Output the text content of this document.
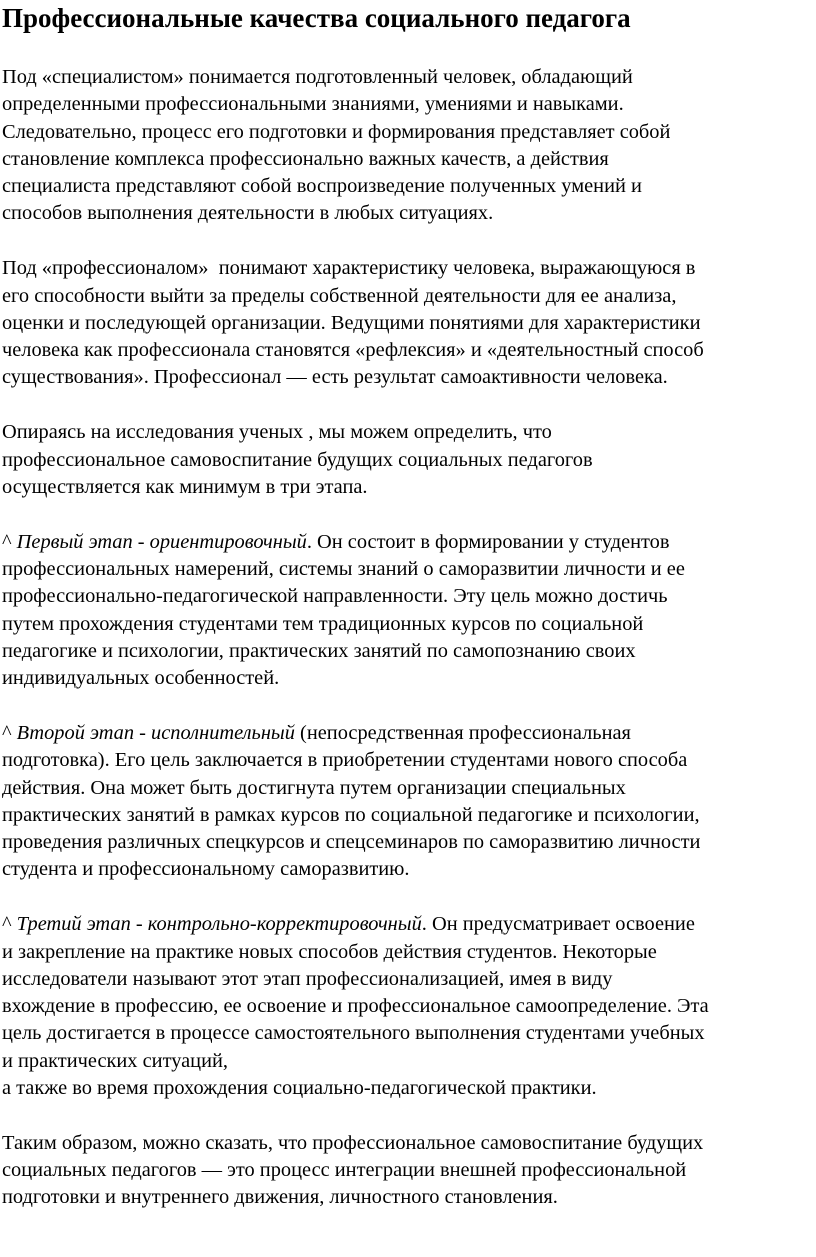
Профессиональные качества социального педагога

Под «специалистом» понимается подготовленный человек, обладающий
определенными профессиональными знаниями, умениями и навыками.
Следовательно, процесс его подготовки и формирования представляет собой
становление комплекса профессионально важных качеств, а действия
специалиста представляют собой воспроизведение полученных умений и
способов выполнения деятельности в любых ситуациях.

Под «профессионалом»  понимают характеристику человека, выражающуюся в
его способности выйти за пределы собственной деятельности для ее анализа,
оценки и последующей организации. Ведущими понятиями для характеристики
человека как профессионала становятся «рефлексия» и «деятельностный способ
существования». Профессионал — есть результат самоактивности человека.

Опираясь на исследования ученых , мы можем определить, что
профессиональное самовоспитание будущих социальных педагогов
осуществляется как минимум в три этапа.

^ Первый этап - ориентировочный. Он состоит в формировании у студентов
профессиональных намерений, системы знаний о саморазвитии личности и ее
профессионально-педагогической направленности. Эту цель можно достичь
путем прохождения студентами тем традиционных курсов по социальной
педагогике и психологии, практических занятий по самопознанию своих
индивидуальных особенностей.

^ Второй этап - исполнительный (непосредственная профессиональная
подготовка). Его цель заключается в приобретении студентами нового способа
действия. Она может быть достигнута путем организации специальных
практических занятий в рамках курсов по социальной педагогике и психологии,
проведения различных спецкурсов и спецсеминаров по саморазвитию личности
студента и профессиональному саморазвитию.

^ Третий этап - контрольно-корректировочный. Он предусматривает освоение
и закрепление на практике новых способов действия студентов. Некоторые
исследователи называют этот этап профессионализацией, имея в виду
вхождение в профессию, ее освоение и профессиональное самоопределение. Эта
цель достигается в процессе самостоятельного выполнения студентами учебных
и практических ситуаций,
а также во время прохождения социально-педагогической практики.

Таким образом, можно сказать, что профессиональное самовоспитание будущих
социальных педагогов — это процесс интеграции внешней профессиональной
подготовки и внутреннего движения, личностного становления.
